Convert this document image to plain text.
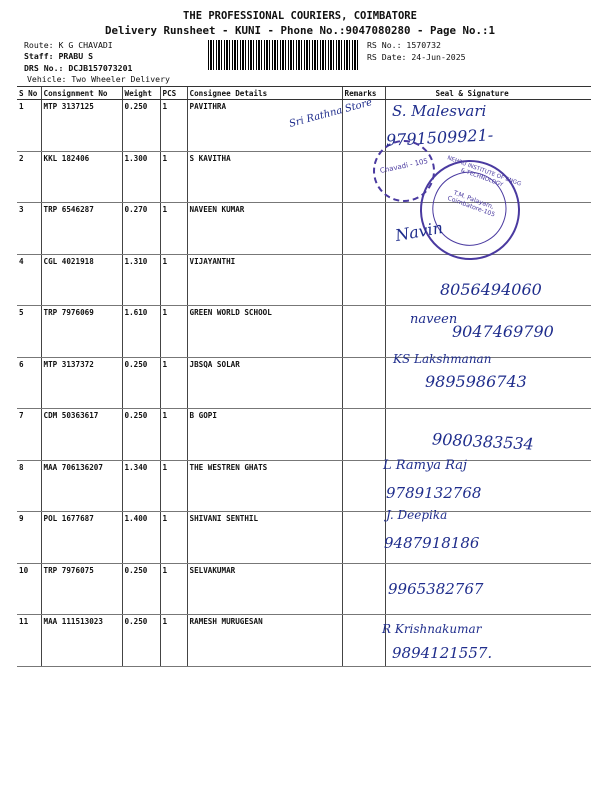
THE PROFESSIONAL COURIERS, COIMBATORE
Delivery Runsheet - KUNI - Phone No.:9047080280 - Page No.:1
Route: K G CHAVADI
Staff: PRABU S
DRS No.: DCJB157073201
Vehicle: Two Wheeler Delivery
RS No.: 1570732
RS Date: 24-Jun-2025
S No	Consignment No	Weight	PCS	Consignee Details	Remarks	Seal & Signature
1	MTP 3137125	0.250	1	PAVITHRA		
2	KKL 182406	1.300	1	S KAVITHA		
3	TRP 6546287	0.270	1	NAVEEN KUMAR		
4	CGL 4021918	1.310	1	VIJAYANTHI		
5	TRP 7976069	1.610	1	GREEN WORLD SCHOOL		
6	MTP 3137372	0.250	1	JBSQA SOLAR		
7	CDM 50363617	0.250	1	B GOPI		
8	MAA 706136207	1.340	1	THE WESTREN GHATS		
9	POL 1677687	1.400	1	SHIVANI SENTHIL		
10	TRP 7976075	0.250	1	SELVAKUMAR		
11	MAA 111513023	0.250	1	RAMESH MURUGESAN		
Chavadi - 105	NEHRU INSTITUTE OF ENGG & TECHNOLOGY
T.M. Palayam, Coimbatore-105
Sri Rathna Store S. Malesvari
9791509921-
Navin
8056494060
naveen
9047469790
KS Lakshmanan
9895986743
9080383534
L Ramya Raj
9789132768
J. Deepika
9487918186
9965382767
R Krishnakumar
9894121557.
